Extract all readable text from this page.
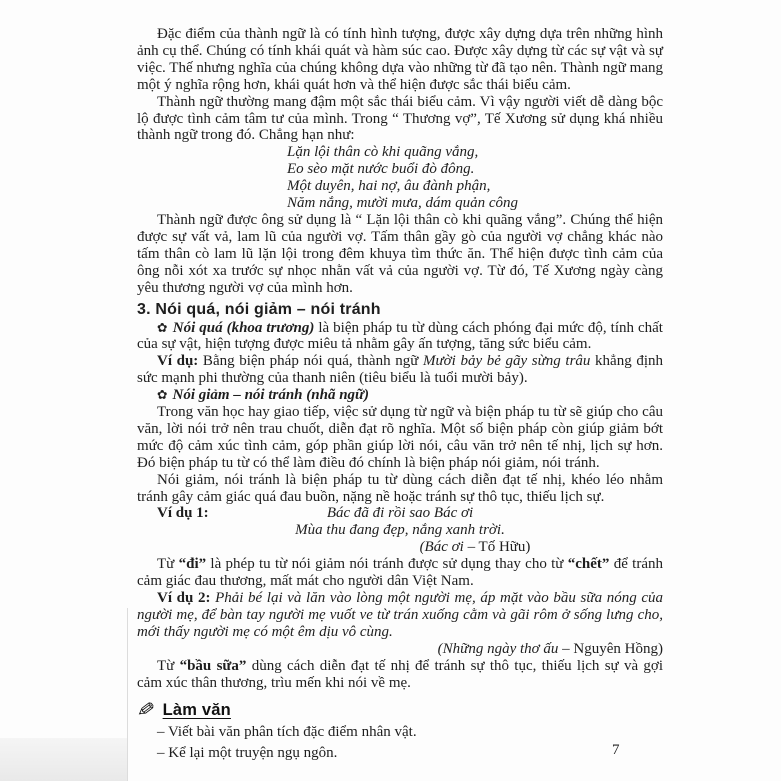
Đặc điểm của thành ngữ là có tính hình tượng, được xây dựng dựa trên những hình ảnh cụ thể. Chúng có tính khái quát và hàm súc cao. Được xây dựng từ các sự vật và sự việc. Thế nhưng nghĩa của chúng không dựa vào những từ đã tạo nên. Thành ngữ mang một ý nghĩa rộng hơn, khái quát hơn và thể hiện được sắc thái biểu cảm.

Thành ngữ thường mang đậm một sắc thái biểu cảm. Vì vậy người viết dễ dàng bộc lộ được tình cảm tâm tư của mình. Trong “ Thương vợ”, Tế Xương sử dụng khá nhiều thành ngữ trong đó. Chẳng hạn như:

Lặn lội thân cò khi quãng vắng,
Eo sèo mặt nước buổi đò đông.
Một duyên, hai nợ, âu đành phận,
Năm nắng, mười mưa, dám quản công

Thành ngữ được ông sử dụng là “ Lặn lội thân cò khi quãng vắng”. Chúng thể hiện được sự vất vả, lam lũ của người vợ. Tấm thân gầy gò của người vợ chẳng khác nào tấm thân cò lam lũ lặn lội trong đêm khuya tìm thức ăn. Thể hiện được tình cảm của ông nỗi xót xa trước sự nhọc nhằn vất vả của người vợ. Từ đó, Tế Xương ngày càng yêu thương người vợ của mình hơn.

3. Nói quá, nói giảm – nói tránh

✿ Nói quá (khoa trương) là biện pháp tu từ dùng cách phóng đại mức độ, tính chất của sự vật, hiện tượng được miêu tả nhằm gây ấn tượng, tăng sức biểu cảm.

Ví dụ: Bằng biện pháp nói quá, thành ngữ Mười bảy bẻ gãy sừng trâu khẳng định sức mạnh phi thường của thanh niên (tiêu biểu là tuổi mười bảy).

✿ Nói giảm – nói tránh (nhã ngữ)

Trong văn học hay giao tiếp, việc sử dụng từ ngữ và biện pháp tu từ sẽ giúp cho câu văn, lời nói trở nên trau chuốt, diễn đạt rõ nghĩa. Một số biện pháp còn giúp giảm bớt mức độ cảm xúc tình cảm, góp phần giúp lời nói, câu văn trở nên tế nhị, lịch sự hơn. Đó biện pháp tu từ có thể làm điều đó chính là biện pháp nói giảm, nói tránh.

Nói giảm, nói tránh là biện pháp tu từ dùng cách diễn đạt tế nhị, khéo léo nhằm tránh gây cảm giác quá đau buồn, nặng nề hoặc tránh sự thô tục, thiếu lịch sự.

Ví dụ 1:	Bác đã đi rồi sao Bác ơi
Mùa thu đang đẹp, nắng xanh trời.
(Bác ơi – Tố Hữu)

Từ “đi” là phép tu từ nói giảm nói tránh được sử dụng thay cho từ “chết” để tránh cảm giác đau thương, mất mát cho người dân Việt Nam.

Ví dụ 2: Phải bé lại và lăn vào lòng một người mẹ, áp mặt vào bầu sữa nóng của người mẹ, để bàn tay người mẹ vuốt ve từ trán xuống cằm và gãi rôm ở sống lưng cho, mới thấy người mẹ có một êm dịu vô cùng.

(Những ngày thơ ấu – Nguyên Hồng)

Từ “bầu sữa” dùng cách diễn đạt tế nhị để tránh sự thô tục, thiếu lịch sự và gợi cảm xúc thân thương, trìu mến khi nói về mẹ.

✎ Làm văn
– Viết bài văn phân tích đặc điểm nhân vật.
– Kể lại một truyện ngụ ngôn.	7
